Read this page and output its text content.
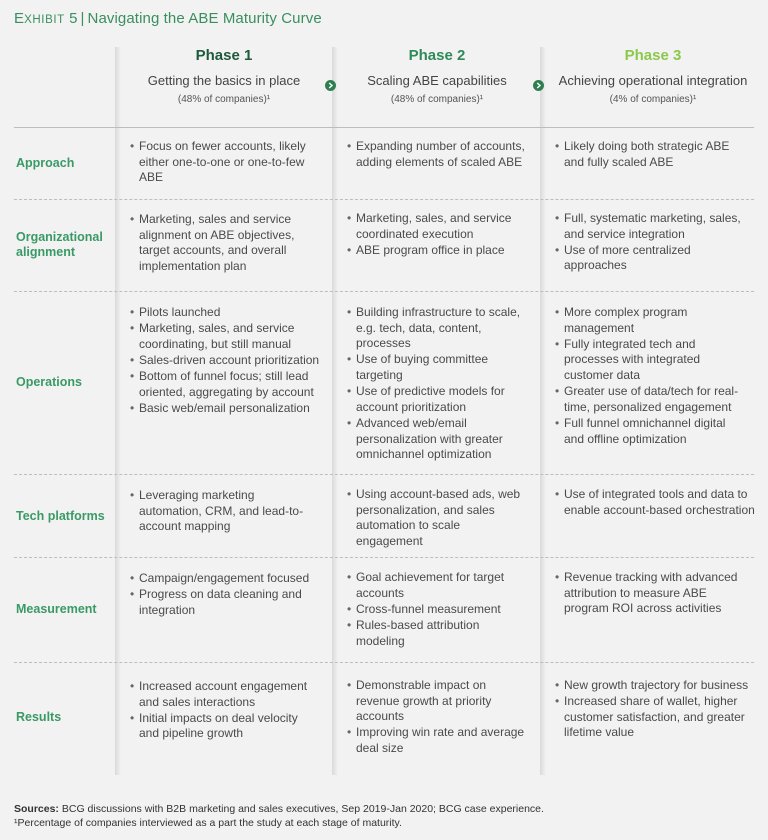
EXHIBIT 5 | Navigating the ABE Maturity Curve
Phase 1
Getting the basics in place
(48% of companies)¹
Phase 2
Scaling ABE capabilities
(48% of companies)¹
Phase 3
Achieving operational integration
(4% of companies)¹
Approach
• Focus on fewer accounts, likely either one-to-one or one-to-few ABE
• Expanding number of accounts, adding elements of scaled ABE
• Likely doing both strategic ABE and fully scaled ABE
Organizational alignment
• Marketing, sales and service alignment on ABE objectives, target accounts, and overall implementation plan
• Marketing, sales, and service coordinated execution
• ABE program office in place
• Full, systematic marketing, sales, and service integration
• Use of more centralized approaches
Operations
• Pilots launched
• Marketing, sales, and service coordinating, but still manual
• Sales-driven account prioritization
• Bottom of funnel focus; still lead oriented, aggregating by account
• Basic web/email personalization
• Building infrastructure to scale, e.g. tech, data, content, processes
• Use of buying committee targeting
• Use of predictive models for account prioritization
• Advanced web/email personalization with greater omnichannel optimization
• More complex program management
• Fully integrated tech and processes with integrated customer data
• Greater use of data/tech for real-time, personalized engagement
• Full funnel omnichannel digital and offline optimization
Tech platforms
• Leveraging marketing automation, CRM, and lead-to-account mapping
• Using account-based ads, web personalization, and sales automation to scale engagement
• Use of integrated tools and data to enable account-based orchestration
Measurement
• Campaign/engagement focused
• Progress on data cleaning and integration
• Goal achievement for target accounts
• Cross-funnel measurement
• Rules-based attribution modeling
• Revenue tracking with advanced attribution to measure ABE program ROI across activities
Results
• Increased account engagement and sales interactions
• Initial impacts on deal velocity and pipeline growth
• Demonstrable impact on revenue growth at priority accounts
• Improving win rate and average deal size
• New growth trajectory for business
• Increased share of wallet, higher customer satisfaction, and greater lifetime value
Sources: BCG discussions with B2B marketing and sales executives, Sep 2019-Jan 2020; BCG case experience.
¹Percentage of companies interviewed as a part the study at each stage of maturity.
